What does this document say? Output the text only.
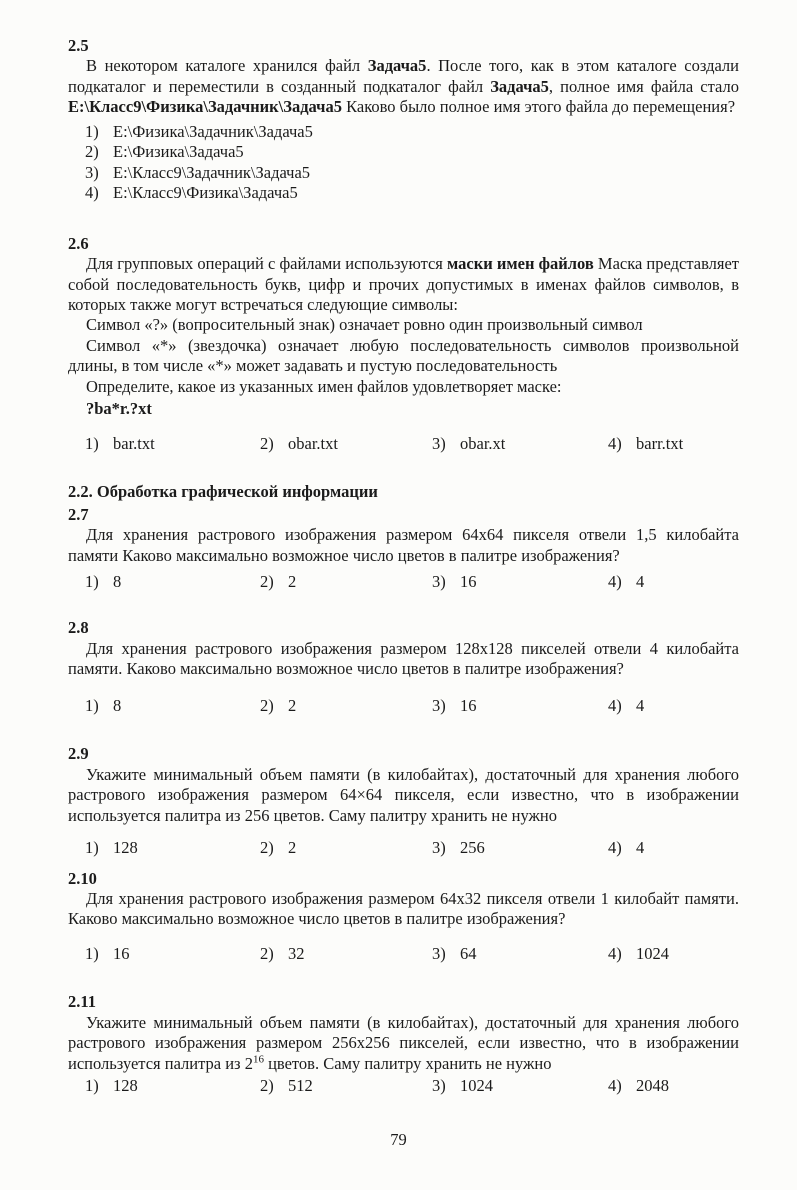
2.5

В некотором каталоге хранился файл Задача5. После того, как в этом каталоге создали подкаталог и переместили в созданный подкаталог файл Задача5, полное имя файла стало E:\Класс9\Физика\Задачник\Задача5 Каково было полное имя этого файла до перемещения?

1) E:\Физика\Задачник\Задача5
2) E:\Физика\Задача5
3) E:\Класс9\Задачник\Задача5
4) E:\Класс9\Физика\Задача5
2.6

Для групповых операций с файлами используются маски имен файлов Маска представляет собой последовательность букв, цифр и прочих допустимых в именах файлов символов, в которых также могут встречаться следующие символы:

Символ «?» (вопросительный знак) означает ровно один произвольный символ

Символ «*» (звездочка) означает любую последовательность символов произвольной длины, в том числе «*» может задавать и пустую последовательность

Определите, какое из указанных имен файлов удовлетворяет маске:

?ba*r.?xt

1) bar.txt	2) obar.txt	3) obar.xt	4) barr.txt
2.2. Обработка графической информации
2.7

Для хранения растрового изображения размером 64x64 пикселя отвели 1,5 килобайта памяти Каково максимально возможное число цветов в палитре изображения?

1) 8	2) 2	3) 16	4) 4
2.8

Для хранения растрового изображения размером 128x128 пикселей отвели 4 килобайта памяти. Каково максимально возможное число цветов в палитре изображения?

1) 8	2) 2	3) 16	4) 4
2.9

Укажите минимальный объем памяти (в килобайтах), достаточный для хранения любого растрового изображения размером 64×64 пикселя, если известно, что в изображении используется палитра из 256 цветов. Саму палитру хранить не нужно

1) 128	2) 2	3) 256	4) 4
2.10

Для хранения растрового изображения размером 64x32 пикселя отвели 1 килобайт памяти. Каково максимально возможное число цветов в палитре изображения?

1) 16	2) 32	3) 64	4) 1024
2.11

Укажите минимальный объем памяти (в килобайтах), достаточный для хранения любого растрового изображения размером 256x256 пикселей, если известно, что в изображении используется палитра из $2^{16}$ цветов. Саму палитру хранить не нужно

1) 128	2) 512	3) 1024	4) 2048
79
